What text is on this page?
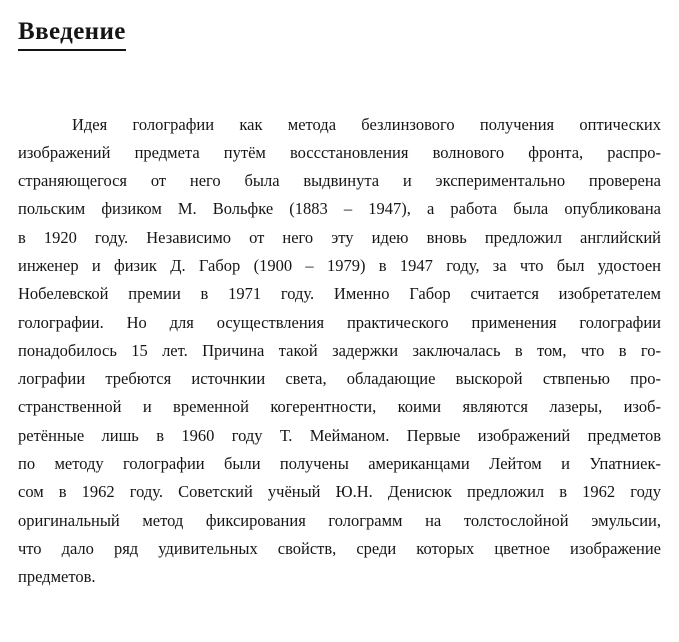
Введение
Идея голографии как метода безлинзового получения оптических
изображений предмета путём воссстановления волнового фронта, распро-
страняющегося от него была выдвинута и экспериментально проверена
польским физиком М. Вольфке (1883 – 1947), а работа была опубликована
в 1920 году. Независимо от него эту идею вновь предложил английский
инженер и физик Д. Габор (1900 – 1979) в 1947 году, за что был удостоен
Нобелевской премии в 1971 году. Именно Габор считается изобретателем
голографии. Но для осуществления практического применения голографии
понадобилось 15 лет. Причина такой задержки заключалась в том, что в го-
лографии требются источнкии света, обладающие выскорой ствпенью про-
странственной и временной когерентности, коими являются лазеры, изоб-
ретённые лишь в 1960 году Т. Мейманом. Первые изображений предметов
по методу голографии были получены американцами Лейтом и Упатниек-
сом в 1962 году. Советский учёный Ю.Н. Денисюк предложил в 1962 году
оригинальный метод фиксирования голограмм на толстослойной эмульсии,
что дало ряд удивительных свойств, среди которых цветное изображение
предметов.
